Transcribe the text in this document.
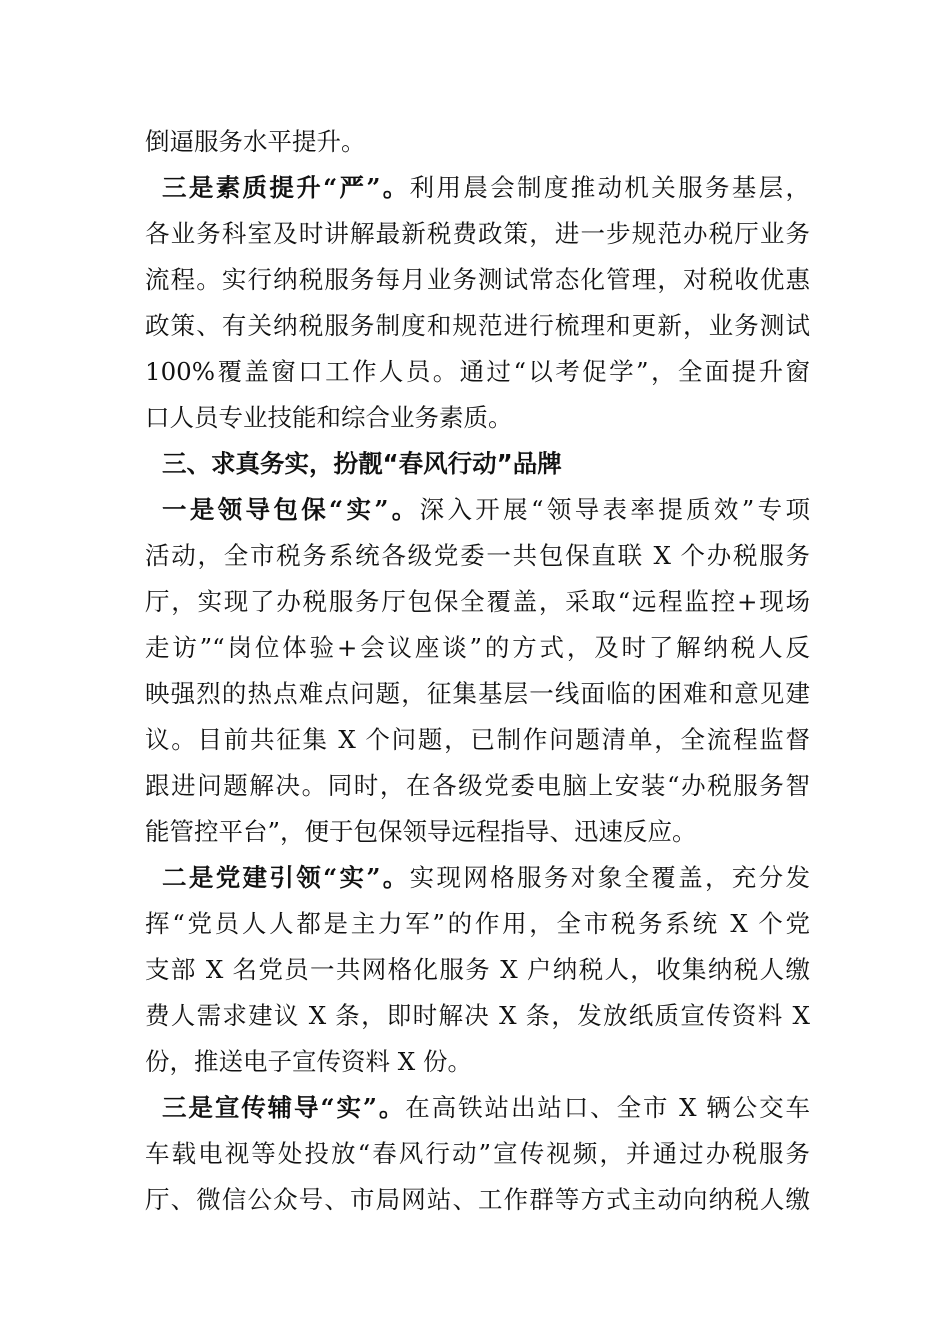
倒逼服务水平提升。
三是素质提升“严”。利用晨会制度推动机关服务基层，
各业务科室及时讲解最新税费政策，进一步规范办税厅业务
流程。实行纳税服务每月业务测试常态化管理，对税收优惠
政策、有关纳税服务制度和规范进行梳理和更新，业务测试
100%覆盖窗口工作人员。通过“以考促学”，全面提升窗
口人员专业技能和综合业务素质。
三、求真务实，扮靓“春风行动”品牌
一是领导包保“实”。深入开展“领导表率提质效”专项
活动，全市税务系统各级党委一共包保直联 X 个办税服务
厅，实现了办税服务厅包保全覆盖，采取“远程监控+现场
走访”“岗位体验+会议座谈”的方式，及时了解纳税人反
映强烈的热点难点问题，征集基层一线面临的困难和意见建
议。目前共征集 X 个问题，已制作问题清单，全流程监督
跟进问题解决。同时，在各级党委电脑上安装“办税服务智
能管控平台”，便于包保领导远程指导、迅速反应。
二是党建引领“实”。实现网格服务对象全覆盖，充分发
挥“党员人人都是主力军”的作用，全市税务系统 X 个党
支部 X 名党员一共网格化服务 X 户纳税人，收集纳税人缴
费人需求建议 X 条，即时解决 X 条，发放纸质宣传资料 X
份，推送电子宣传资料 X 份。
三是宣传辅导“实”。在高铁站出站口、全市 X 辆公交车
车载电视等处投放“春风行动”宣传视频，并通过办税服务
厅、微信公众号、市局网站、工作群等方式主动向纳税人缴
